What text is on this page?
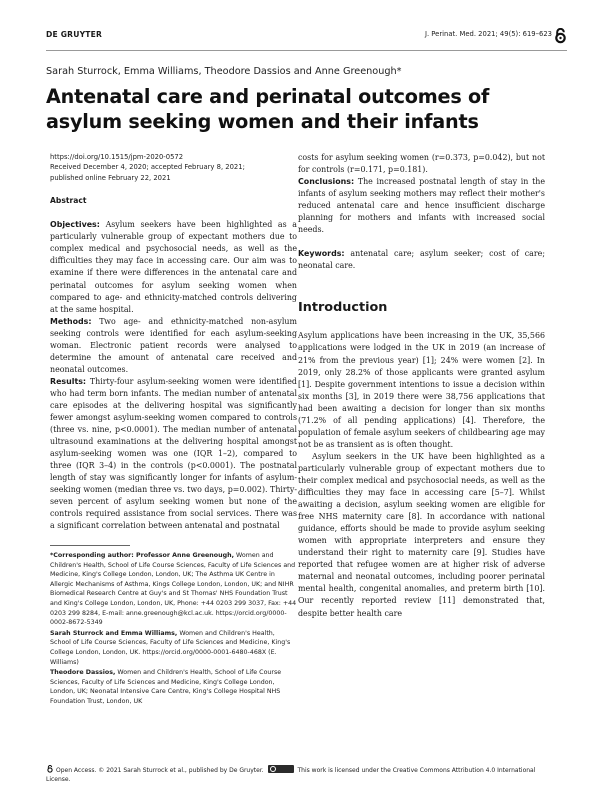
DE GRUYTER	J. Perinat. Med. 2021; 49(5): 619–623
Sarah Sturrock, Emma Williams, Theodore Dassios and Anne Greenough*
Antenatal care and perinatal outcomes of asylum seeking women and their infants
https://doi.org/10.1515/jpm-2020-0572
Received December 4, 2020; accepted February 8, 2021;
published online February 22, 2021
Abstract

Objectives: Asylum seekers have been highlighted as a particularly vulnerable group of expectant mothers due to complex medical and psychosocial needs, as well as the difficulties they may face in accessing care. Our aim was to examine if there were differences in the antenatal care and perinatal outcomes for asylum seeking women when compared to age- and ethnicity-matched controls delivering at the same hospital.

Methods: Two age- and ethnicity-matched non-asylum seeking controls were identified for each asylum-seeking woman. Electronic patient records were analysed to determine the amount of antenatal care received and neonatal outcomes.

Results: Thirty-four asylum-seeking women were identified who had term born infants. The median number of antenatal care episodes at the delivering hospital was significantly fewer amongst asylum-seeking women compared to controls (three vs. nine, p<0.0001). The median number of antenatal ultrasound examinations at the delivering hospital amongst asylum-seeking women was one (IQR 1–2), compared to three (IQR 3–4) in the controls (p<0.0001). The postnatal length of stay was significantly longer for infants of asylum-seeking women (median three vs. two days, p=0.002). Thirty-seven percent of asylum seeking women but none of the controls required assistance from social services. There was a significant correlation between antenatal and postnatal

*Corresponding author: Professor Anne Greenough, Women and Children's Health, School of Life Course Sciences, Faculty of Life Sciences and Medicine, King's College London, London, UK; The Asthma UK Centre in Allergic Mechanisms of Asthma, Kings College London, London, UK; and NIHR Biomedical Research Centre at Guy's and St Thomas' NHS Foundation Trust and King's College London, London, UK, Phone: +44 0203 299 3037, Fax: +44 0203 299 8284, E-mail: anne.greenough@kcl.ac.uk. https://orcid.org/0000-0002-8672-5349

Sarah Sturrock and Emma Williams, Women and Children's Health, School of Life Course Sciences, Faculty of Life Sciences and Medicine, King's College London, London, UK. https://orcid.org/0000-0001-6480-468X (E. Williams)

Theodore Dassios, Women and Children's Health, School of Life Course Sciences, Faculty of Life Sciences and Medicine, King's College London, London, UK; Neonatal Intensive Care Centre, King's College Hospital NHS Foundation Trust, London, UK

costs for asylum seeking women (r=0.373, p=0.042), but not for controls (r=0.171, p=0.181).

Conclusions: The increased postnatal length of stay in the infants of asylum seeking mothers may reflect their mother's reduced antenatal care and hence insufficient discharge planning for mothers and infants with increased social needs.

Keywords: antenatal care; asylum seeker; cost of care; neonatal care.

Introduction

Asylum applications have been increasing in the UK, 35,566 applications were lodged in the UK in 2019 (an increase of 21% from the previous year) [1]; 24% were women [2]. In 2019, only 28.2% of those applicants were granted asylum [1]. Despite government intentions to issue a decision within six months [3], in 2019 there were 38,756 applications that had been awaiting a decision for longer than six months (71.2% of all pending applications) [4]. Therefore, the population of female asylum seekers of childbearing age may not be as transient as is often thought.

Asylum seekers in the UK have been highlighted as a particularly vulnerable group of expectant mothers due to their complex medical and psychosocial needs, as well as the difficulties they may face in accessing care [5–7]. Whilst awaiting a decision, asylum seeking women are eligible for free NHS maternity care [8]. In accordance with national guidance, efforts should be made to provide asylum seeking women with appropriate interpreters and ensure they understand their right to maternity care [9]. Studies have reported that refugee women are at higher risk of adverse maternal and neonatal outcomes, including poorer perinatal mental health, congenital anomalies, and preterm birth [10]. Our recently reported review [11] demonstrated that, despite better health care

Open Access. © 2021 Sarah Sturrock et al., published by De Gruyter.	This work is licensed under the Creative Commons Attribution 4.0 International License.
